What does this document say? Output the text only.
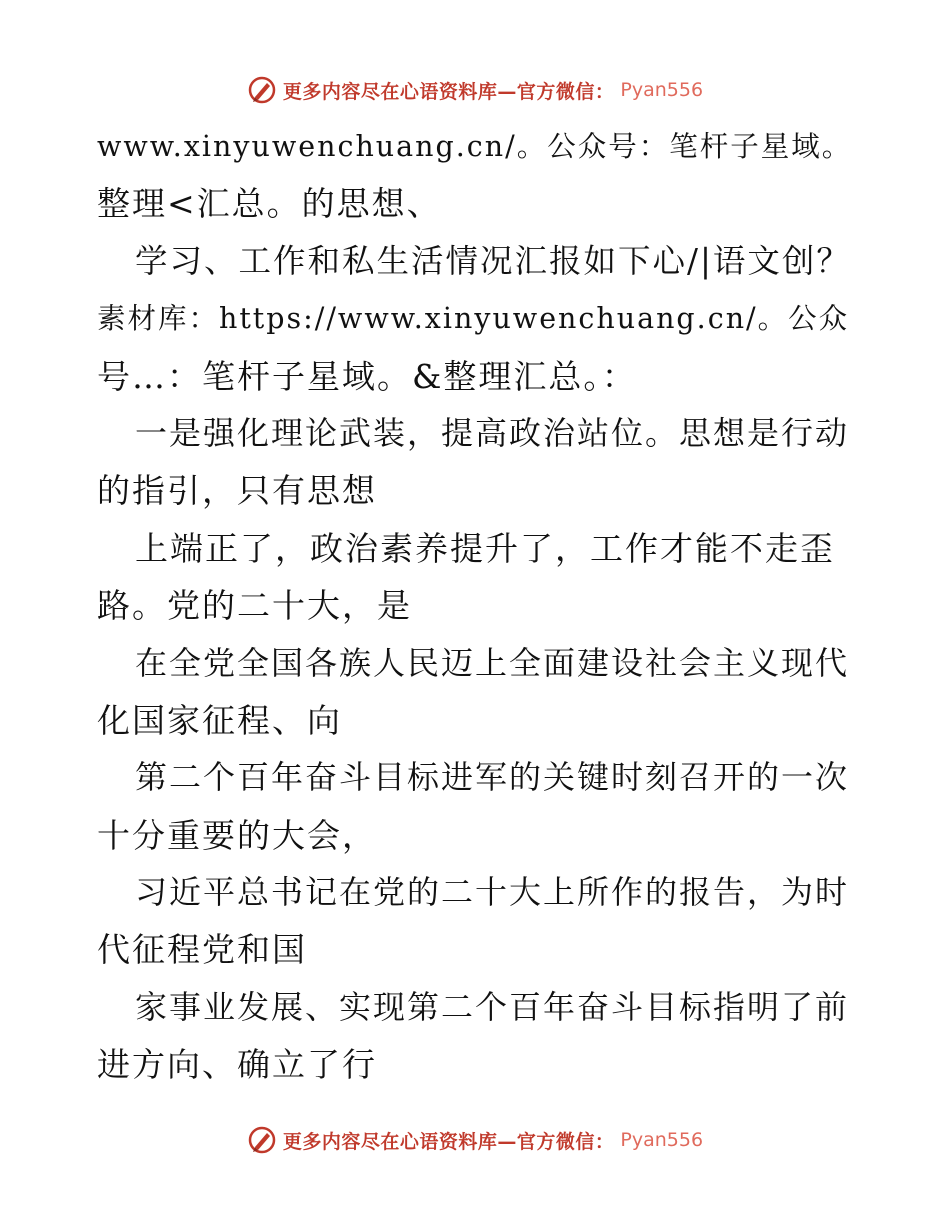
更多内容尽在心语资料库—官方微信： Pyan556
www.xinyuwenchuang.cn/。公众号：笔杆子星域。
整理<汇总。的思想、
学习、工作和私生活情况汇报如下心/|语文创？
素材库：https://www.xinyuwenchuang.cn/。公众
号…：笔杆子星域。&整理汇总。：
一是强化理论武装，提高政治站位。思想是行动
的指引，只有思想
上端正了，政治素养提升了，工作才能不走歪
路。党的二十大，是
在全党全国各族人民迈上全面建设社会主义现代
化国家征程、向
第二个百年奋斗目标进军的关键时刻召开的一次
十分重要的大会，
习近平总书记在党的二十大上所作的报告，为时
代征程党和国
家事业发展、实现第二个百年奋斗目标指明了前
进方向、确立了行
更多内容尽在心语资料库—官方微信： Pyan556
